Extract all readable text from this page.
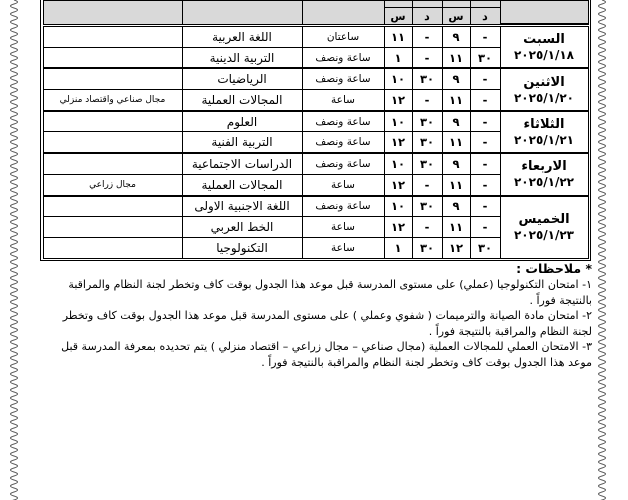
د	س	د	س			

السبت
٢٠٢٥/١/١٨	-	٩	-	١١	ساعتان	اللغة العربية	
	٣٠	١١	-	١	ساعة ونصف	التربية الدينية	

الاثنين
٢٠٢٥/١/٢٠	-	٩	٣٠	١٠	ساعة ونصف	الرياضيات	
	-	١١	-	١٢	ساعة	المجالات العملية	مجال صناعي واقتصاد منزلي

الثلاثاء
٢٠٢٥/١/٢١	-	٩	٣٠	١٠	ساعة ونصف	العلوم	
	-	١١	٣٠	١٢	ساعة ونصف	التربية الفنية	

الاربعاء
٢٠٢٥/١/٢٢	-	٩	٣٠	١٠	ساعة ونصف	الدراسات الاجتماعية	
	-	١١	-	١٢	ساعة	المجالات العملية	مجال زراعي

الخميس
٢٠٢٥/١/٢٣	-	٩	٣٠	١٠	ساعة ونصف	اللغة الاجنبية الاولى	
	-	١١	-	١٢	ساعة	الخط العربي	
	٣٠	١٢	٣٠	١	ساعة	التكنولوجيا	
* ملاحظات :
١- امتحان التكنولوجيا (عملي) على مستوى المدرسة قبل موعد هذا الجدول بوقت كاف وتخطر لجنة النظام والمراقبة بالنتيجة فوراً .
٢- امتحان مادة الصيانة والترميمات ( شفوي وعملي ) على مستوى المدرسة قبل موعد هذا الجدول بوقت كاف وتخطر لجنة النظام والمراقبة بالنتيجة فوراً .
٣- الامتحان العملي للمجالات العملية (مجال صناعي – مجال زراعي – اقتصاد منزلي ) يتم تحديده بمعرفة المدرسة قبل موعد هذا الجدول بوقت كاف وتخطر لجنة النظام والمراقبة بالنتيجة فوراً .
